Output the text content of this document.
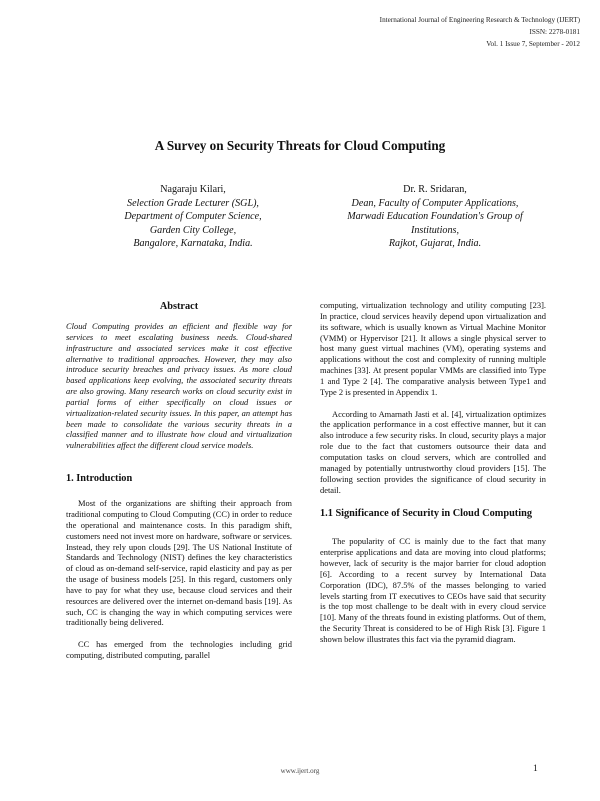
International Journal of Engineering Research & Technology (IJERT)
ISSN: 2278-0181
Vol. 1 Issue 7, September - 2012
A Survey on Security Threats for Cloud Computing
Nagaraju Kilari,
Selection Grade Lecturer (SGL),
Department of Computer Science,
Garden City College,
Bangalore, Karnataka, India.
Dr. R. Sridaran,
Dean, Faculty of Computer Applications,
Marwadi Education Foundation's Group of
Institutions,
Rajkot, Gujarat, India.
Abstract

Cloud Computing provides an efficient and flexible way for services to meet escalating business needs. Cloud-shared infrastructure and associated services make it cost effective alternative to traditional approaches. However, they may also introduce security breaches and privacy issues. As more cloud based applications keep evolving, the associated security threats are also growing. Many research works on cloud security exist in partial forms of either specifically on cloud issues or virtualization-related security issues. In this paper, an attempt has been made to consolidate the various security threats in a classified manner and to illustrate how cloud and virtualization vulnerabilities affect the different cloud service models.

1. Introduction

Most of the organizations are shifting their approach from traditional computing to Cloud Computing (CC) in order to reduce the operational and maintenance costs. In this paradigm shift, customers need not invest more on hardware, software or services. Instead, they rely upon clouds [29]. The US National Institute of Standards and Technology (NIST) defines the key characteristics of cloud as on-demand self-service, rapid elasticity and pay as per the usage of business models [25]. In this regard, customers only have to pay for what they use, because cloud services and their resources are delivered over the internet on-demand basis [19]. As such, CC is changing the way in which computing services were traditionally being delivered.

CC has emerged from the technologies including grid computing, distributed computing, parallel

computing, virtualization technology and utility computing [23]. In practice, cloud services heavily depend upon virtualization and its software, which is usually known as Virtual Machine Monitor (VMM) or Hypervisor [21]. It allows a single physical server to host many guest virtual machines (VM), operating systems and applications without the cost and complexity of running multiple machines [33]. At present popular VMMs are classified into Type 1 and Type 2 [4]. The comparative analysis between Type1 and Type 2 is presented in Appendix 1.

According to Amarnath Jasti et al. [4], virtualization optimizes the application performance in a cost effective manner, but it can also introduce a few security risks. In cloud, security plays a major role due to the fact that customers outsource their data and computation tasks on cloud servers, which are controlled and managed by potentially untrustworthy cloud providers [15]. The following section provides the significance of cloud security in detail.

1.1 Significance of Security in Cloud Computing

The popularity of CC is mainly due to the fact that many enterprise applications and data are moving into cloud platforms; however, lack of security is the major barrier for cloud adoption [6]. According to a recent survey by International Data Corporation (IDC), 87.5% of the masses belonging to varied levels starting from IT executives to CEOs have said that security is the top most challenge to be dealt with in every cloud service [10]. Many of the threats found in existing platforms. Out of them, the Security Threat is considered to be of High Risk [3]. Figure 1 shown below illustrates this fact via the pyramid diagram.

www.ijert.org	1
